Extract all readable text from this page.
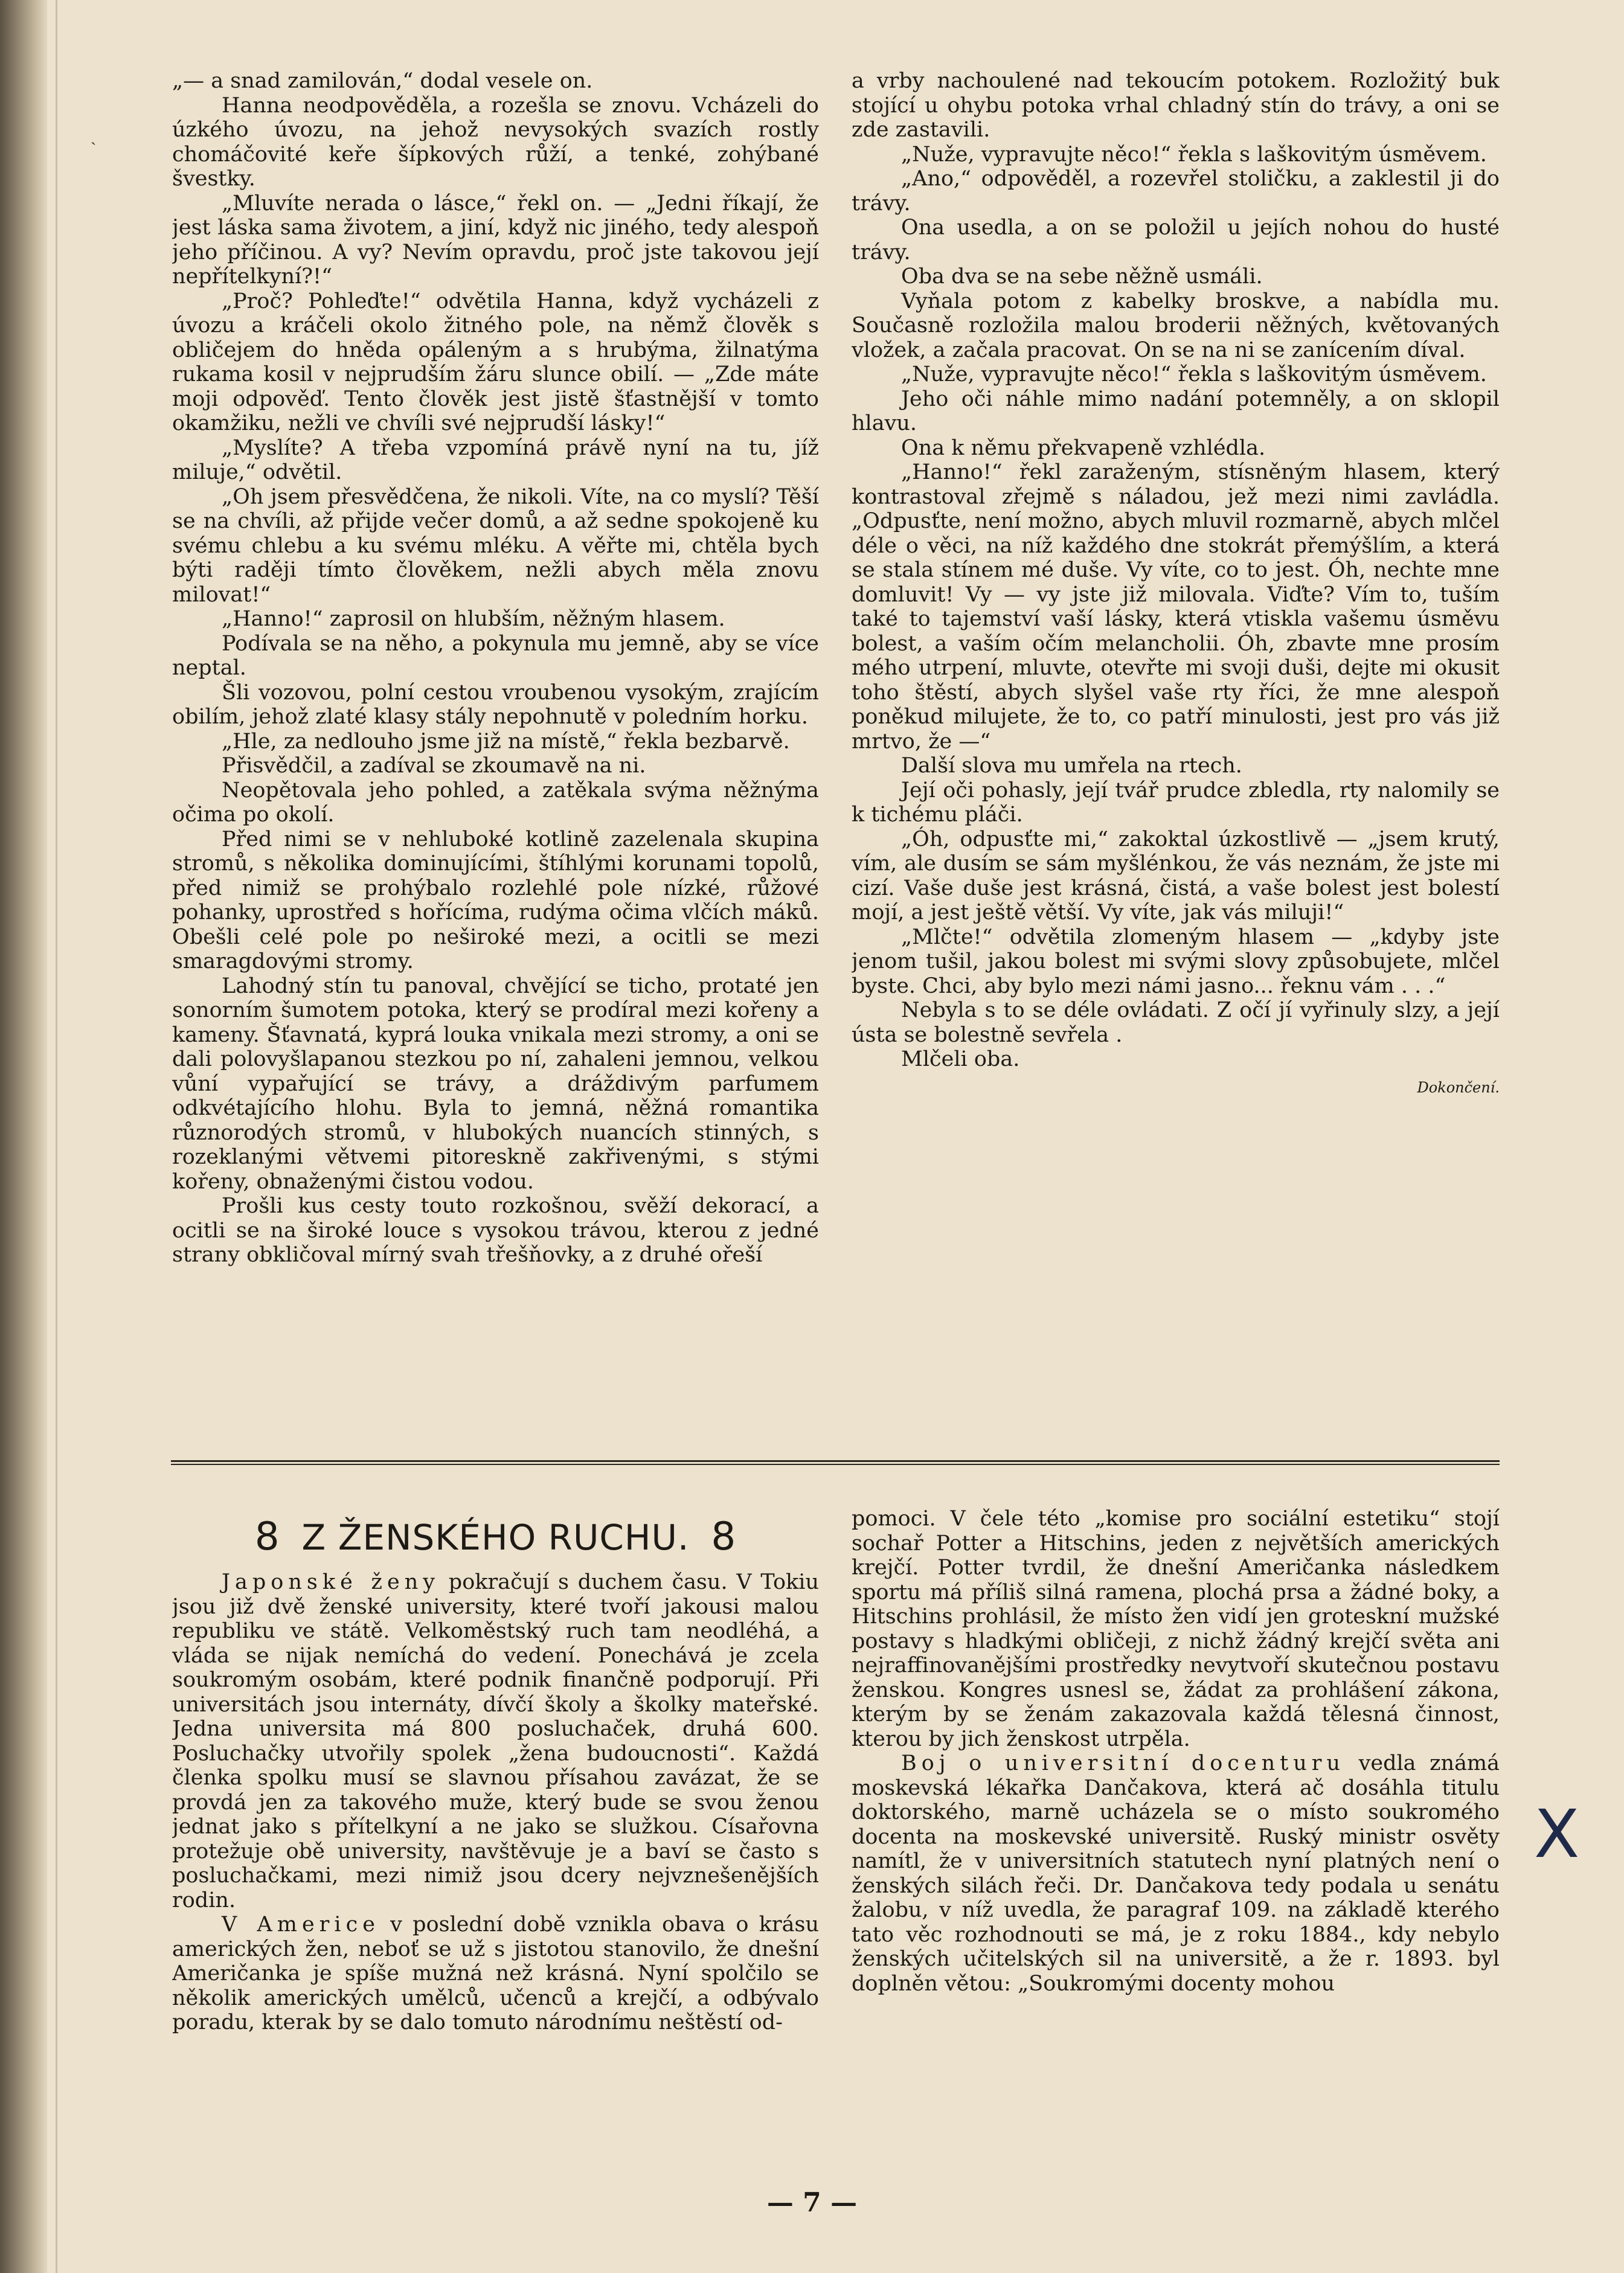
ˎ

„— a snad zamilován,“ dodal vesele on.

Hanna neodpověděla, a rozešla se znovu. Vcházeli do úzkého úvozu, na jehož nevysokých svazích rostly chomáčovité keře šípkových růží, a tenké, zohýbané švestky.

„Mluvíte nerada o lásce,“ řekl on. — „Jedni říkají, že jest láska sama životem, a jiní, když nic jiného, tedy alespoň jeho příčinou. A vy? Nevím opravdu, proč jste takovou její nepřítelkyní?!“

„Proč? Pohleďte!“ odvětila Hanna, když vycházeli z úvozu a kráčeli okolo žitného pole, na němž člověk s obličejem do hněda opáleným a s hrubýma, žilnatýma rukama kosil v nejprudším žáru slunce obilí. — „Zde máte moji odpověď. Tento člověk jest jistě šťastnější v tomto okamžiku, nežli ve chvíli své nejprudší lásky!“

„Myslíte? A třeba vzpomíná právě nyní na tu, jíž miluje,“ odvětil.

„Oh jsem přesvědčena, že nikoli. Víte, na co myslí? Těší se na chvíli, až přijde večer domů, a až sedne spokojeně ku svému chlebu a ku svému mléku. A věřte mi, chtěla bych býti raději tímto člověkem, nežli abych měla znovu milovat!“

„Hanno!“ zaprosil on hlubším, něžným hlasem.

Podívala se na něho, a pokynula mu jemně, aby se více neptal.

Šli vozovou, polní cestou vroubenou vysokým, zrajícím obilím, jehož zlaté klasy stály nepohnutě v poledním horku.

„Hle, za nedlouho jsme již na místě,“ řekla bezbarvě.

Přisvědčil, a zadíval se zkoumavě na ni.

Neopětovala jeho pohled, a zatěkala svýma něžnýma očima po okolí.

Před nimi se v nehluboké kotlině zazelenala skupina stromů, s několika dominujícími, štíhlými korunami topolů, před nimiž se prohýbalo rozlehlé pole nízké, růžové pohanky, uprostřed s hořícíma, rudýma očima vlčích máků. Obešli celé pole po neširoké mezi, a ocitli se mezi smaragdovými stromy.

Lahodný stín tu panoval, chvějící se ticho, protaté jen sonorním šumotem potoka, který se prodíral mezi kořeny a kameny. Šťavnatá, kyprá louka vnikala mezi stromy, a oni se dali polovyšlapanou stezkou po ní, zahaleni jemnou, velkou vůní vypařující se trávy, a dráždivým parfumem odkvétajícího hlohu. Byla to jemná, něžná romantika různorodých stromů, v hlubokých nuancích stinných, s rozeklanými větvemi pitoreskně zakřivenými, s stými kořeny, obnaženými čistou vodou.

Prošli kus cesty touto rozkošnou, svěží dekorací, a ocitli se na široké louce s vysokou trávou, kterou z jedné strany obkličoval mírný svah třešňovky, a z druhé ořeší

a vrby nachoulené nad tekoucím potokem. Rozložitý buk stojící u ohybu potoka vrhal chladný stín do trávy, a oni se zde zastavili.

„Nuže, vypravujte něco!“ řekla s laškovitým úsměvem.

„Ano,“ odpověděl, a rozevřel stoličku, a zaklestil ji do trávy.

Ona usedla, a on se položil u jejích nohou do husté trávy.

Oba dva se na sebe něžně usmáli.

Vyňala potom z kabelky broskve, a nabídla mu. Současně rozložila malou broderii něžných, květovaných vložek, a začala pracovat. On se na ni se zanícením díval.

„Nuže, vypravujte něco!“ řekla s laškovitým úsměvem.

Jeho oči náhle mimo nadání potemněly, a on sklopil hlavu.

Ona k němu překvapeně vzhlédla.

„Hanno!“ řekl zaraženým, stísněným hlasem, který kontrastoval zřejmě s náladou, jež mezi nimi zavládla. „Odpusťte, není možno, abych mluvil rozmarně, abych mlčel déle o věci, na níž každého dne stokrát přemýšlím, a která se stala stínem mé duše. Vy víte, co to jest. Óh, nechte mne domluvit! Vy — vy jste již milovala. Viďte? Vím to, tuším také to tajemství vaší lásky, která vtiskla vašemu úsměvu bolest, a vaším očím melancholii. Óh, zbavte mne prosím mého utrpení, mluvte, otevřte mi svoji duši, dejte mi okusit toho štěstí, abych slyšel vaše rty říci, že mne alespoň poněkud milujete, že to, co patří minulosti, jest pro vás již mrtvo, že —“

Další slova mu umřela na rtech.

Její oči pohasly, její tvář prudce zbledla, rty nalomily se k tichému pláči.

„Óh, odpusťte mi,“ zakoktal úzkostlivě — „jsem krutý, vím, ale dusím se sám myšlénkou, že vás neznám, že jste mi cizí. Vaše duše jest krásná, čistá, a vaše bolest jest bolestí mojí, a jest ještě větší. Vy víte, jak vás miluji!“

„Mlčte!“ odvětila zlomeným hlasem — „kdyby jste jenom tušil, jakou bolest mi svými slovy způsobujete, mlčel byste. Chci, aby bylo mezi námi jasno... řeknu vám . . .“

Nebyla s to se déle ovládati. Z očí jí vyřinuly slzy, a její ústa se bolestně sevřela .

Mlčeli oba.

Dokončení.
8 Z ŽENSKÉHO RUCHU. 8

Japonské ženy pokračují s duchem času. V Tokiu jsou již dvě ženské university, které tvoří jakousi malou republiku ve státě. Velkoměstský ruch tam neodléhá, a vláda se nijak nemíchá do vedení. Ponechává je zcela soukromým osobám, které podnik finančně podporují. Při universitách jsou internáty, dívčí školy a školky mateřské. Jedna universita má 800 posluchaček, druhá 600. Posluchačky utvořily spolek „žena budoucnosti“. Každá členka spolku musí se slavnou přísahou zavázat, že se provdá jen za takového muže, který bude se svou ženou jednat jako s přítelkyní a ne jako se služkou. Císařovna protežuje obě university, navštěvuje je a baví se často s posluchačkami, mezi nimiž jsou dcery nejvznešenějších rodin.

V Americe v poslední době vznikla obava o krásu amerických žen, neboť se už s jistotou stanovilo, že dnešní Američanka je spíše mužná než krásná. Nyní spolčilo se několik amerických umělců, učenců a krejčí, a odbývalo poradu, kterak by se dalo tomuto národnímu neštěstí od-

pomoci. V čele této „komise pro sociální estetiku“ stojí sochař Potter a Hitschins, jeden z největších amerických krejčí. Potter tvrdil, že dnešní Američanka následkem sportu má příliš silná ramena, plochá prsa a žádné boky, a Hitschins prohlásil, že místo žen vidí jen groteskní mužské postavy s hladkými obličeji, z nichž žádný krejčí světa ani nejraffinovanějšími prostředky nevytvoří skutečnou postavu ženskou. Kongres usnesl se, žádat za prohlášení zákona, kterým by se ženám zakazovala každá tělesná činnost, kterou by jich ženskost utrpěla.

Boj o universitní docenturu vedla známá moskevská lékařka Dančakova, která ač dosáhla titulu doktorského, marně ucházela se o místo soukromého docenta na moskevské universitě. Ruský ministr osvěty namítl, že v universitních statutech nyní platných není o ženských silách řeči. Dr. Dančakova tedy podala u senátu žalobu, v níž uvedla, že paragraf 109. na základě kterého tato věc rozhodnouti se má, je z roku 1884., kdy nebylo ženských učitelských sil na universitě, a že r. 1893. byl doplněn větou: „Soukromými docenty mohou

X
— 7 —
